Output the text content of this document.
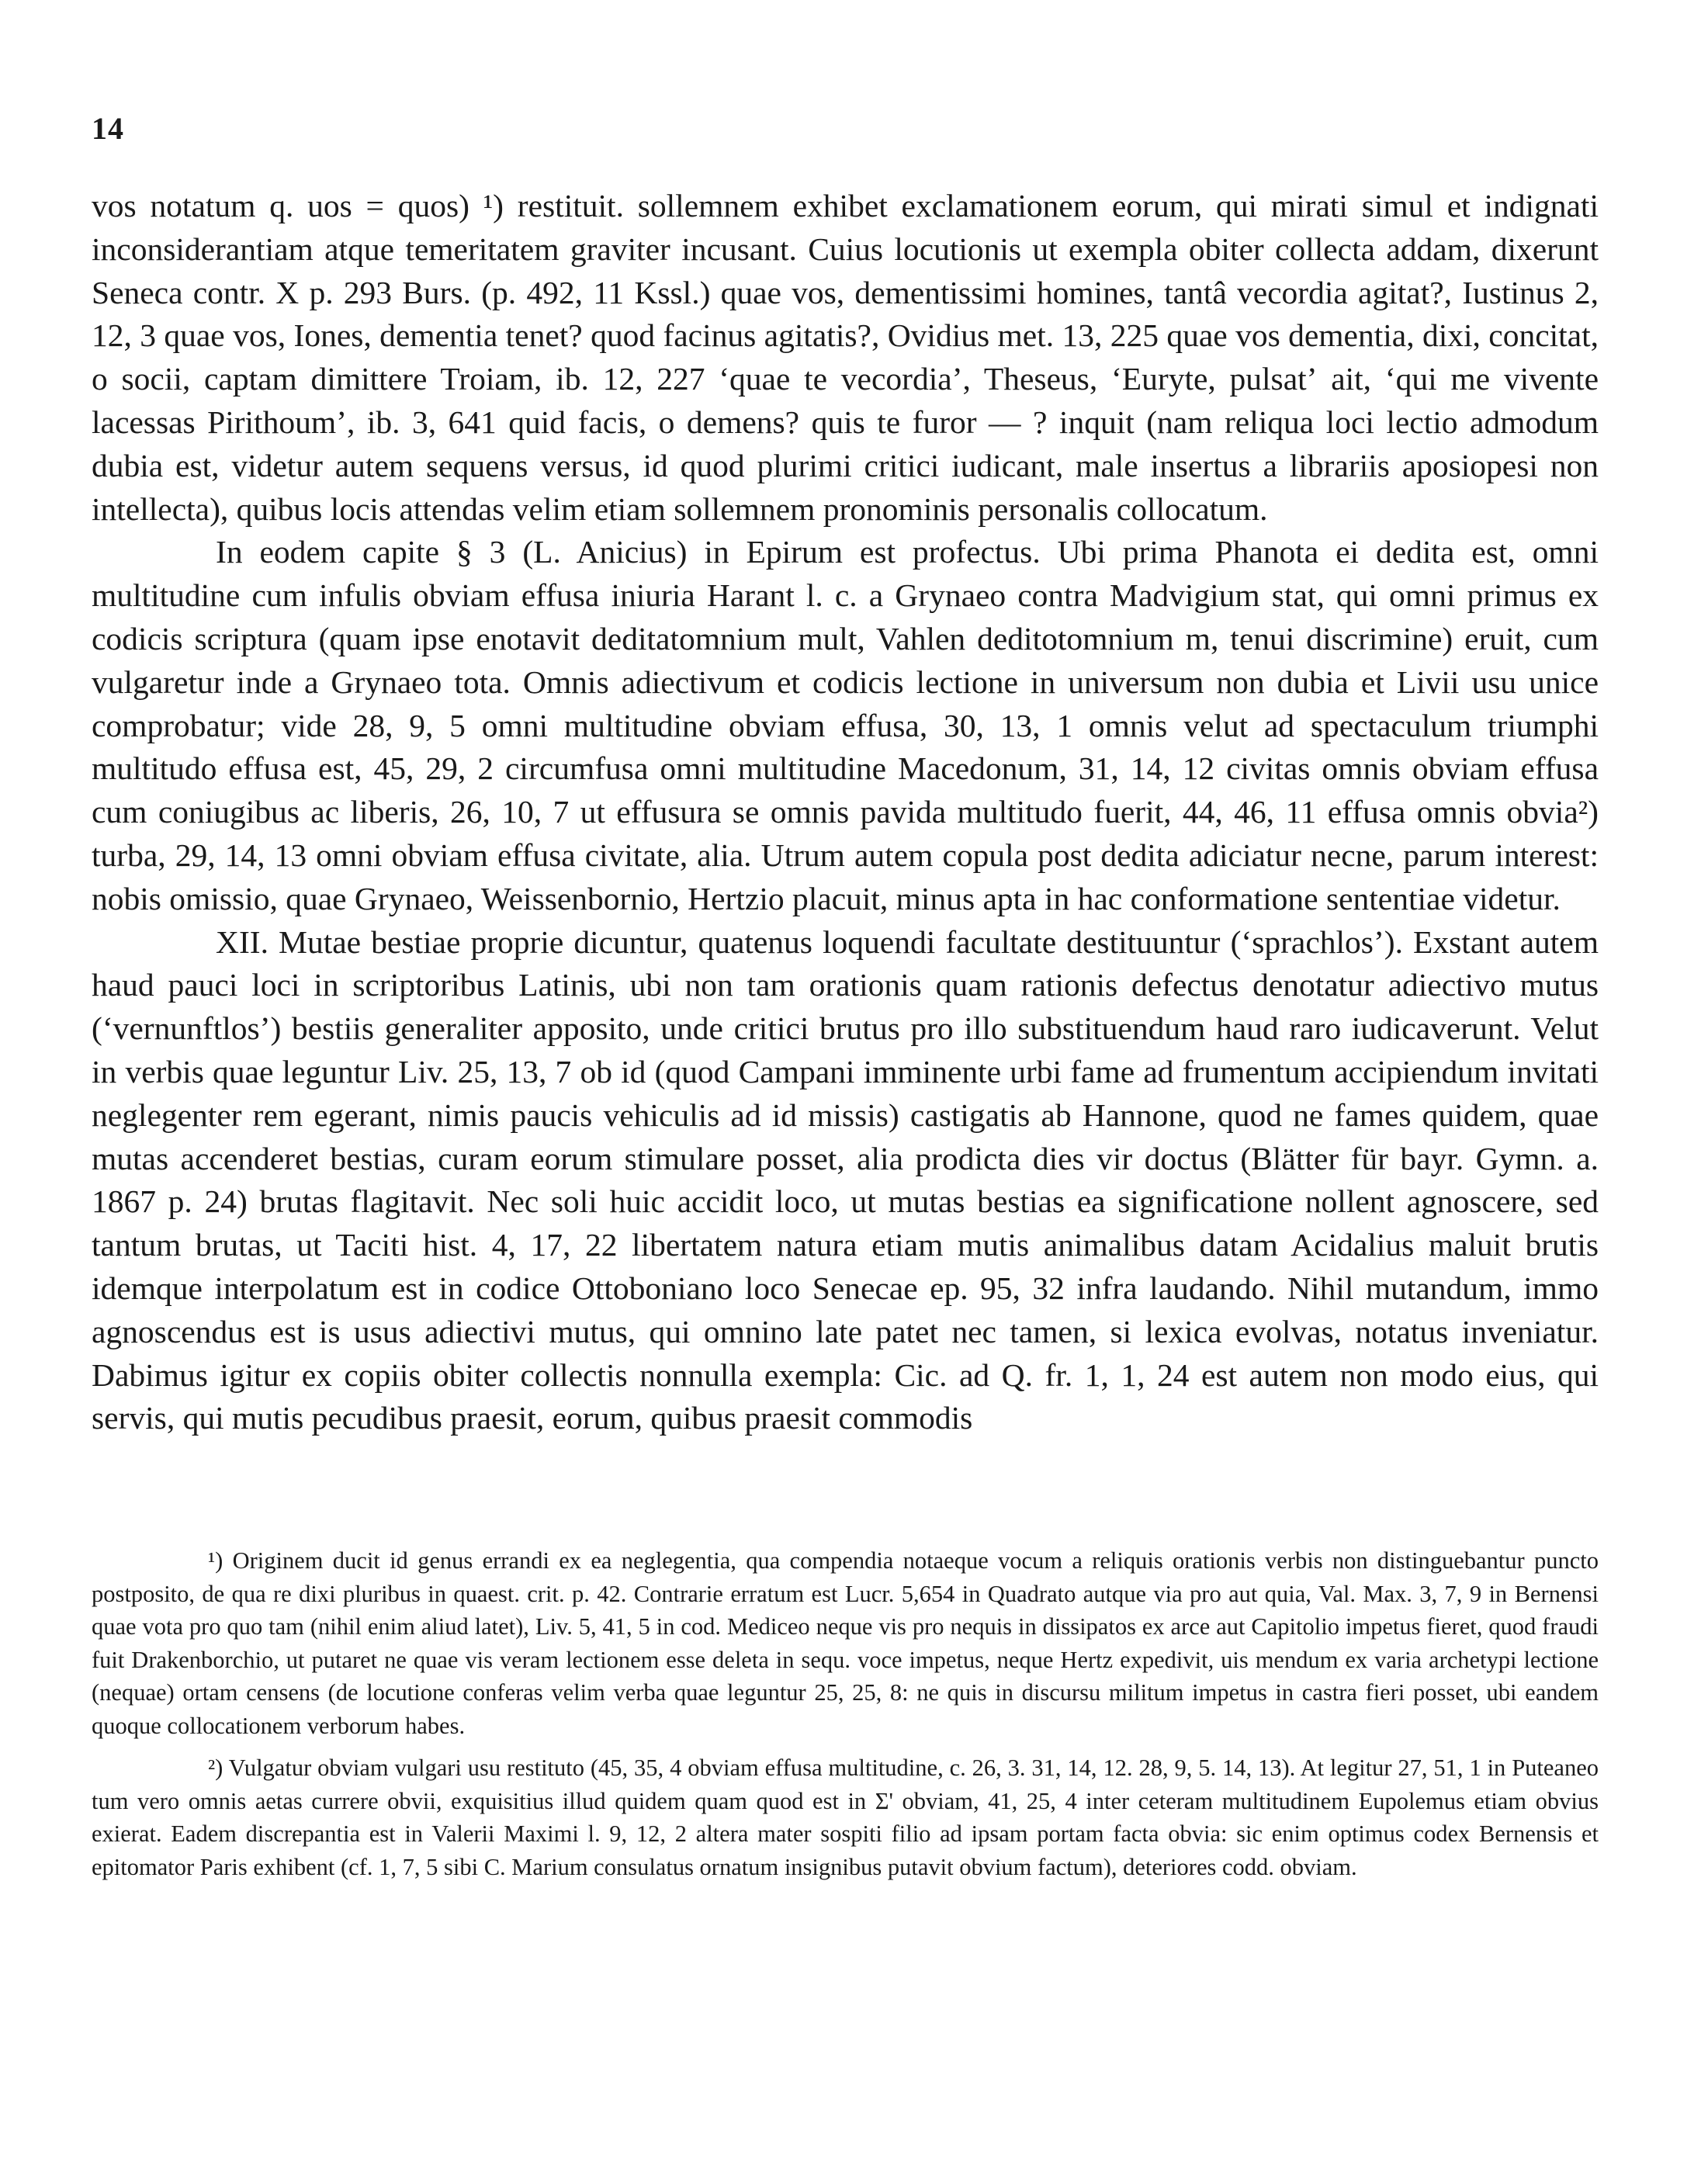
14

vos notatum q. uos = quos) ¹) restituit. sollemnem exhibet exclamationem eorum, qui mirati simul et indignati inconsiderantiam atque temeritatem graviter incusant. Cuius locutionis ut exempla obiter collecta addam, dixerunt Seneca contr. X p. 293 Burs. (p. 492, 11 Kssl.) quae vos, dementissimi homines, tantâ vecordia agitat?, Iustinus 2, 12, 3 quae vos, Iones, dementia tenet? quod facinus agitatis?, Ovidius met. 13, 225 quae vos dementia, dixi, concitat, o socii, captam dimittere Troiam, ib. 12, 227 ʻquae te vecordiaʼ, Theseus, ʻEuryte, pulsatʼ ait, ʻqui me vivente lacessas Pirithoumʼ, ib. 3, 641 quid facis, o demens? quis te furor — ? inquit (nam reliqua loci lectio admodum dubia est, videtur autem sequens versus, id quod plurimi critici iudicant, male insertus a librariis aposiopesi non intellecta), quibus locis attendas velim etiam sollemnem pronominis personalis collocatum.

In eodem capite § 3 (L. Anicius) in Epirum est profectus. Ubi prima Phanota ei dedita est, omni multitudine cum infulis obviam effusa iniuria Harant l. c. a Grynaeo contra Madvigium stat, qui omni primus ex codicis scriptura (quam ipse enotavit deditatomnium mult, Vahlen deditotomnium m, tenui discrimine) eruit, cum vulgaretur inde a Grynaeo tota. Omnis adiectivum et codicis lectione in universum non dubia et Livii usu unice comprobatur; vide 28, 9, 5 omni multitudine obviam effusa, 30, 13, 1 omnis velut ad spectaculum triumphi multitudo effusa est, 45, 29, 2 circumfusa omni multitudine Macedonum, 31, 14, 12 civitas omnis obviam effusa cum coniugibus ac liberis, 26, 10, 7 ut effusura se omnis pavida multitudo fuerit, 44, 46, 11 effusa omnis obvia²) turba, 29, 14, 13 omni obviam effusa civitate, alia. Utrum autem copula post dedita adiciatur necne, parum interest: nobis omissio, quae Grynaeo, Weissenbornio, Hertzio placuit, minus apta in hac conformatione sententiae videtur.

XII. Mutae bestiae proprie dicuntur, quatenus loquendi facultate destituuntur (ʻsprachlosʼ). Exstant autem haud pauci loci in scriptoribus Latinis, ubi non tam orationis quam rationis defectus denotatur adiectivo mutus (ʻvernunftlosʼ) bestiis generaliter apposito, unde critici brutus pro illo substituendum haud raro iudicaverunt. Velut in verbis quae leguntur Liv. 25, 13, 7 ob id (quod Campani imminente urbi fame ad frumentum accipiendum invitati neglegenter rem egerant, nimis paucis vehiculis ad id missis) castigatis ab Hannone, quod ne fames quidem, quae mutas accenderet bestias, curam eorum stimulare posset, alia prodicta dies vir doctus (Blätter für bayr. Gymn. a. 1867 p. 24) brutas flagitavit. Nec soli huic accidit loco, ut mutas bestias ea significatione nollent agnoscere, sed tantum brutas, ut Taciti hist. 4, 17, 22 libertatem natura etiam mutis animalibus datam Acidalius maluit brutis idemque interpolatum est in codice Ottoboniano loco Senecae ep. 95, 32 infra laudando. Nihil mutandum, immo agnoscendus est is usus adiectivi mutus, qui omnino late patet nec tamen, si lexica evolvas, notatus inveniatur. Dabimus igitur ex copiis obiter collectis nonnulla exempla: Cic. ad Q. fr. 1, 1, 24 est autem non modo eius, qui servis, qui mutis pecudibus praesit, eorum, quibus praesit commodis

¹) Originem ducit id genus errandi ex ea neglegentia, qua compendia notaeque vocum a reliquis orationis verbis non distinguebantur puncto postposito, de qua re dixi pluribus in quaest. crit. p. 42. Contrarie erratum est Lucr. 5,654 in Quadrato autque via pro aut quia, Val. Max. 3, 7, 9 in Bernensi quae vota pro quo tam (nihil enim aliud latet), Liv. 5, 41, 5 in cod. Mediceo neque vis pro nequis in dissipatos ex arce aut Capitolio impetus fieret, quod fraudi fuit Drakenborchio, ut putaret ne quae vis veram lectionem esse deleta in sequ. voce impetus, neque Hertz expedivit, uis mendum ex varia archetypi lectione (nequae) ortam censens (de locutione conferas velim verba quae leguntur 25, 25, 8: ne quis in discursu militum impetus in castra fieri posset, ubi eandem quoque collocationem verborum habes.

²) Vulgatur obviam vulgari usu restituto (45, 35, 4 obviam effusa multitudine, c. 26, 3. 31, 14, 12. 28, 9, 5. 14, 13). At legitur 27, 51, 1 in Puteaneo tum vero omnis aetas currere obvii, exquisitius illud quidem quam quod est in Σ' obviam, 41, 25, 4 inter ceteram multitudinem Eupolemus etiam obvius exierat. Eadem discrepantia est in Valerii Maximi l. 9, 12, 2 altera mater sospiti filio ad ipsam portam facta obvia: sic enim optimus codex Bernensis et epitomator Paris exhibent (cf. 1, 7, 5 sibi C. Marium consulatus ornatum insignibus putavit obvium factum), deteriores codd. obviam.
